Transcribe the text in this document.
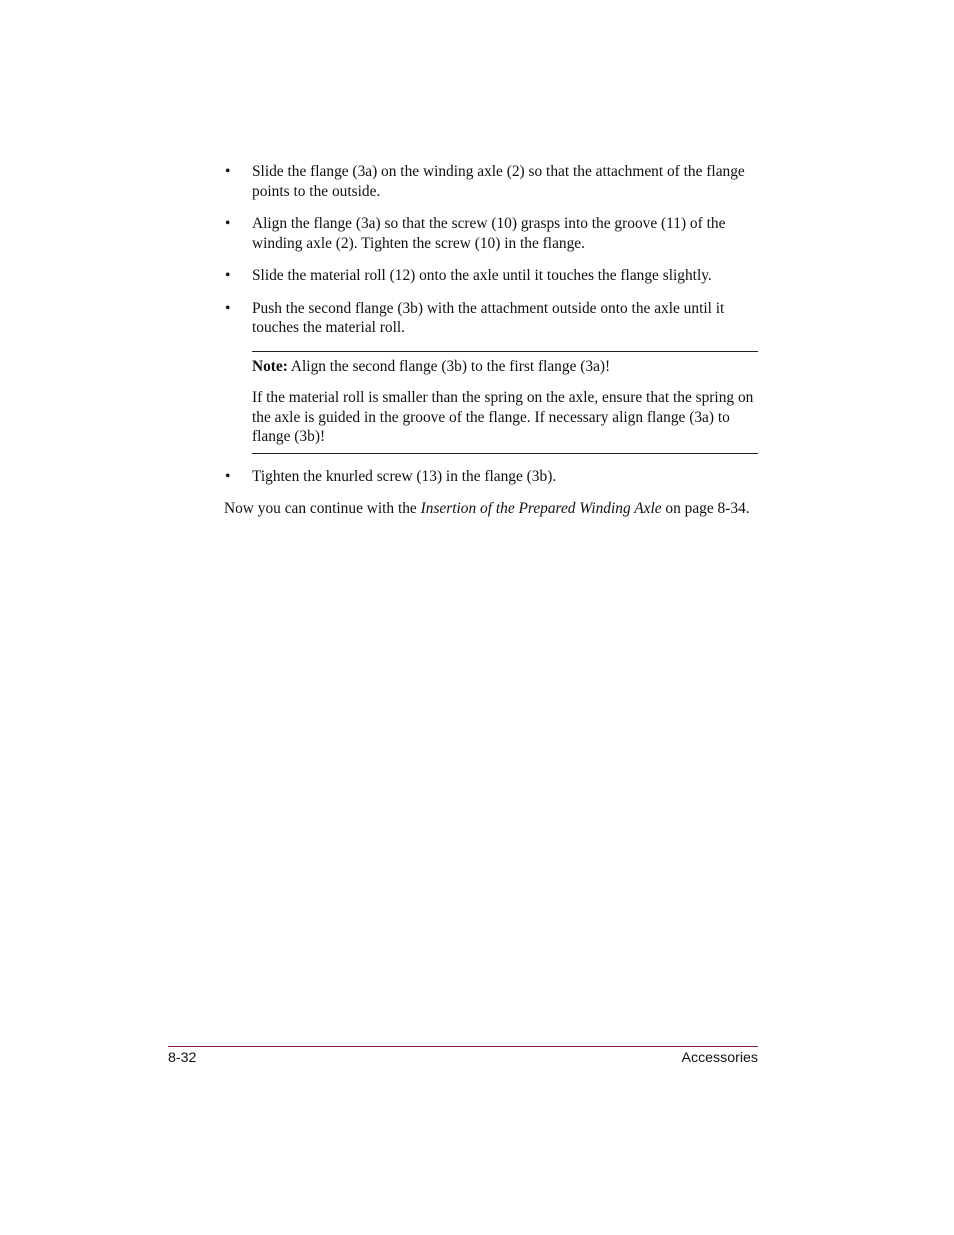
• Slide the flange (3a) on the winding axle (2) so that the attachment of the flange points to the outside.
• Align the flange (3a) so that the screw (10) grasps into the groove (11) of the winding axle (2). Tighten the screw (10) in the flange.
• Slide the material roll (12) onto the axle until it touches the flange slightly.
• Push the second flange (3b) with the attachment outside onto the axle until it touches the material roll.

Note: Align the second flange (3b) to the first flange (3a)!

If the material roll is smaller than the spring on the axle, ensure that the spring on the axle is guided in the groove of the flange. If necessary align flange (3a) to flange (3b)!

• Tighten the knurled screw (13) in the flange (3b).

Now you can continue with the Insertion of the Prepared Winding Axle on page 8-34.

8-32	Accessories
